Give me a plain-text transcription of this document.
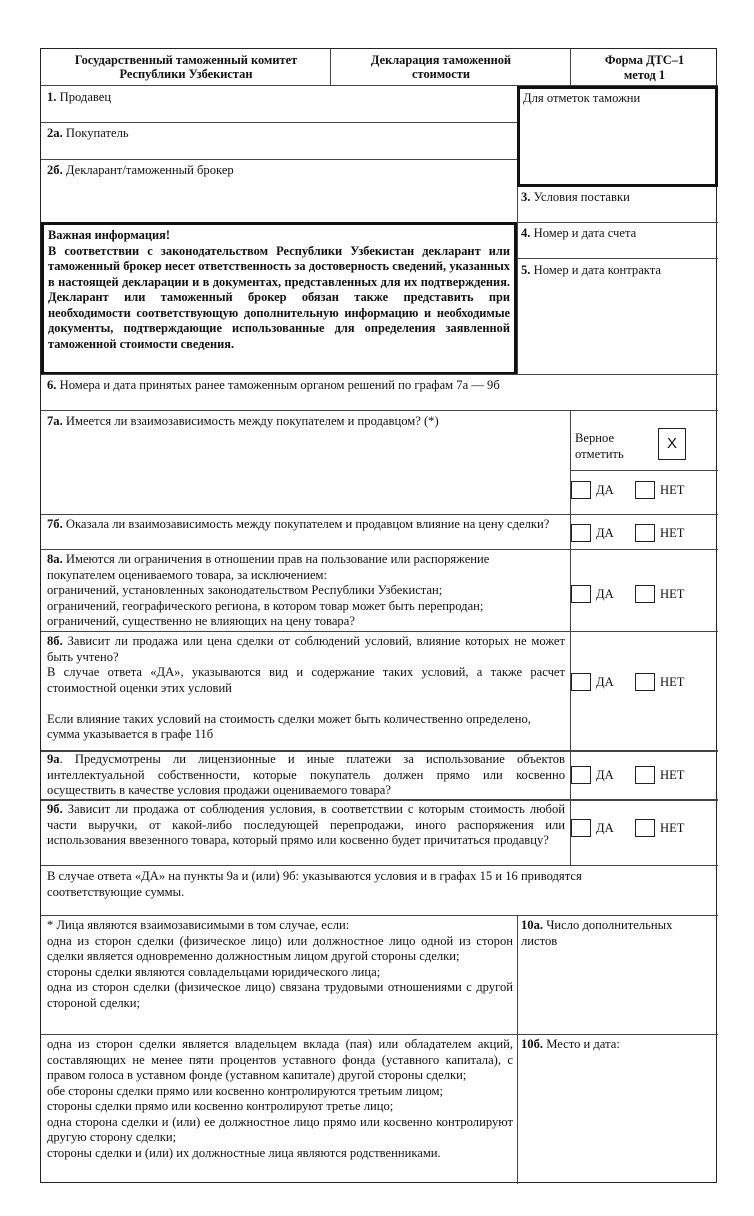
Государственный таможенный комитет Республики Узбекистан
Декларация таможенной стоимости
Форма ДТС–1
метод 1
1. Продавец
2а. Покупатель
2б. Декларант/таможенный брокер
Для отметок таможни
3. Условия поставки
4. Номер и дата счета
5. Номер и дата контракта
Важная информация!
В соответствии с законодательством Республики Узбекистан декларант или таможенный брокер несет ответственность за достоверность сведений, указанных в настоящей декларации и в документах, представленных для их подтверждения. Декларант или таможенный брокер обязан также представить при необходимости соответствующую дополнительную информацию и необходимые документы, подтверждающие использованные для определения заявленной таможенной стоимости сведения.
6. Номера и дата принятых ранее таможенным органом решений по графам 7а — 9б
7а. Имеется ли взаимозависимость между покупателем и продавцом? (*)
Верное
отметить
X
ДА	НЕТ
7б. Оказала ли взаимозависимость между покупателем и продавцом влияние на цену сделки?
ДА	НЕТ
8а. Имеются ли ограничения в отношении прав на пользование или распоряжение
покупателем оцениваемого товара, за исключением:
ограничений, установленных законодательством Республики Узбекистан;
ограничений, географического региона, в котором товар может быть перепродан;
ограничений, существенно не влияющих на цену товара?
ДА	НЕТ
8б. Зависит ли продажа или цена сделки от соблюдений условий, влияние которых не может быть учтено?
В случае ответа «ДА», указываются вид и содержание таких условий, а также расчет стоимостной оценки этих условий
Если влияние таких условий на стоимость сделки может быть количественно определено, сумма указывается в графе 11б
ДА	НЕТ
9а. Предусмотрены ли лицензионные и иные платежи за использование объектов интеллектуальной собственности, которые покупатель должен прямо или косвенно осуществить в качестве условия продажи оцениваемого товара?
ДА	НЕТ
9б. Зависит ли продажа от соблюдения условия, в соответствии с которым стоимость любой части выручки, от какой-либо последующей перепродажи, иного распоряжения или использования ввезенного товара, который прямо или косвенно будет причитаться продавцу?
ДА	НЕТ
В случае ответа «ДА» на пункты 9а и (или) 9б: указываются условия и в графах 15 и 16 приводятся соответствующие суммы.
* Лица являются взаимозависимыми в том случае, если:
одна из сторон сделки (физическое лицо) или должностное лицо одной из сторон сделки является одновременно должностным лицом другой стороны сделки;
стороны сделки являются совладельцами юридического лица;
одна из сторон сделки (физическое лицо) связана трудовыми отношениями с другой стороной сделки;
10а. Число дополнительных листов
одна из сторон сделки является владельцем вклада (пая) или обладателем акций, составляющих не менее пяти процентов уставного фонда (уставного капитала), с правом голоса в уставном фонде (уставном капитале) другой стороны сделки;
обе стороны сделки прямо или косвенно контролируются третьим лицом;
стороны сделки прямо или косвенно контролируют третье лицо;
одна сторона сделки и (или) ее должностное лицо прямо или косвенно контролируют другую сторону сделки;
стороны сделки и (или) их должностные лица являются родственниками.
10б. Место и дата:
